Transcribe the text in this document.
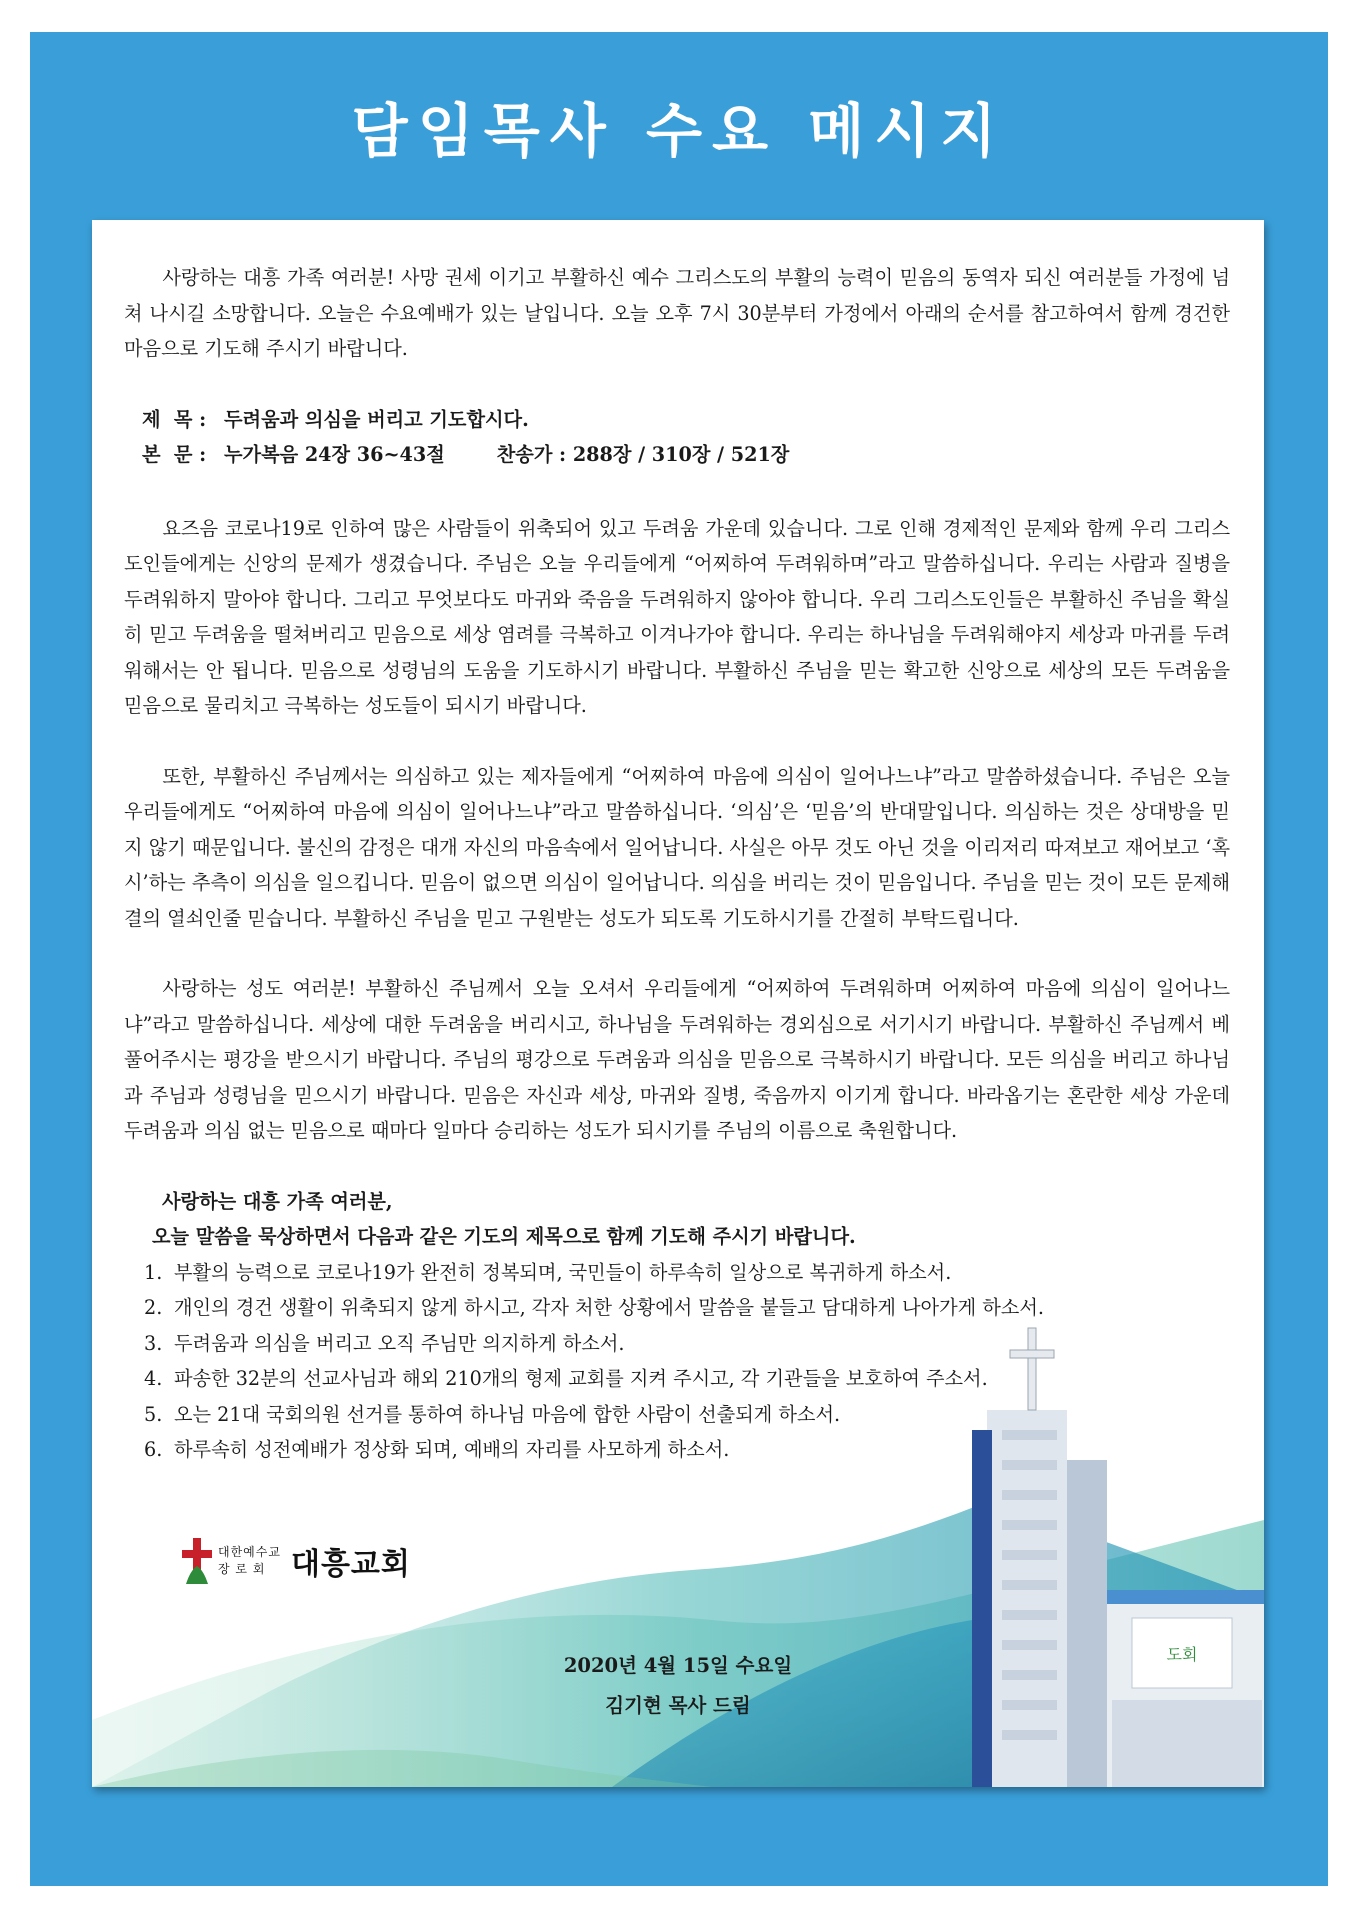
담임목사 수요 메시지
도회

사랑하는 대흥 가족 여러분! 사망 권세 이기고 부활하신 예수 그리스도의 부활의 능력이 믿음의 동역자 되신 여러분들 가정에 넘쳐 나시길 소망합니다. 오늘은 수요예배가 있는 날입니다. 오늘 오후 7시 30분부터 가정에서 아래의 순서를 참고하여서 함께 경건한 마음으로 기도해 주시기 바랍니다.

제  목 : 두려움과 의심을 버리고 기도합시다.
본  문 : 누가복음 24장 36~43절	찬송가 : 288장 / 310장 / 521장

요즈음 코로나19로 인하여 많은 사람들이 위축되어 있고 두려움 가운데 있습니다. 그로 인해 경제적인 문제와 함께 우리 그리스도인들에게는 신앙의 문제가 생겼습니다. 주님은 오늘 우리들에게 “어찌하여 두려워하며”라고 말씀하십니다. 우리는 사람과 질병을 두려워하지 말아야 합니다. 그리고 무엇보다도 마귀와 죽음을 두려워하지 않아야 합니다. 우리 그리스도인들은 부활하신 주님을 확실히 믿고 두려움을 떨쳐버리고 믿음으로 세상 염려를 극복하고 이겨나가야 합니다. 우리는 하나님을 두려워해야지 세상과 마귀를 두려워해서는 안 됩니다. 믿음으로 성령님의 도움을 기도하시기 바랍니다. 부활하신 주님을 믿는 확고한 신앙으로 세상의 모든 두려움을 믿음으로 물리치고 극복하는 성도들이 되시기 바랍니다.

또한, 부활하신 주님께서는 의심하고 있는 제자들에게 “어찌하여 마음에 의심이 일어나느냐”라고 말씀하셨습니다. 주님은 오늘 우리들에게도 “어찌하여 마음에 의심이 일어나느냐”라고 말씀하십니다. ‘의심’은 ‘믿음’의 반대말입니다. 의심하는 것은 상대방을 믿지 않기 때문입니다. 불신의 감정은 대개 자신의 마음속에서 일어납니다. 사실은 아무 것도 아닌 것을 이리저리 따져보고 재어보고 ‘혹시’하는 추측이 의심을 일으킵니다. 믿음이 없으면 의심이 일어납니다. 의심을 버리는 것이 믿음입니다. 주님을 믿는 것이 모든 문제해결의 열쇠인줄 믿습니다. 부활하신 주님을 믿고 구원받는 성도가 되도록 기도하시기를 간절히 부탁드립니다.

사랑하는 성도 여러분! 부활하신 주님께서 오늘 오셔서 우리들에게 “어찌하여 두려워하며 어찌하여 마음에 의심이 일어나느냐”라고 말씀하십니다. 세상에 대한 두려움을 버리시고, 하나님을 두려워하는 경외심으로 서기시기 바랍니다. 부활하신 주님께서 베풀어주시는 평강을 받으시기 바랍니다. 주님의 평강으로 두려움과 의심을 믿음으로 극복하시기 바랍니다. 모든 의심을 버리고 하나님과 주님과 성령님을 믿으시기 바랍니다. 믿음은 자신과 세상, 마귀와 질병, 죽음까지 이기게 합니다. 바라옵기는 혼란한 세상 가운데 두려움과 의심 없는 믿음으로 때마다 일마다 승리하는 성도가 되시기를 주님의 이름으로 축원합니다.

사랑하는 대흥 가족 여러분,
오늘 말씀을 묵상하면서 다음과 같은 기도의 제목으로 함께 기도해 주시기 바랍니다.
1. 부활의 능력으로 코로나19가 완전히 정복되며, 국민들이 하루속히 일상으로 복귀하게 하소서.
2. 개인의 경건 생활이 위축되지 않게 하시고, 각자 처한 상황에서 말씀을 붙들고 담대하게 나아가게 하소서.
3. 두려움과 의심을 버리고 오직 주님만 의지하게 하소서.
4. 파송한 32분의 선교사님과 해외 210개의 형제 교회를 지켜 주시고, 각 기관들을 보호하여 주소서.
5. 오는 21대 국회의원 선거를 통하여 하나님 마음에 합한 사람이 선출되게 하소서.
6. 하루속히 성전예배가 정상화 되며, 예배의 자리를 사모하게 하소서.
2020년 4월 15일 수요일
김기현 목사 드림
대한예수교
장 로 회 대흥교회
